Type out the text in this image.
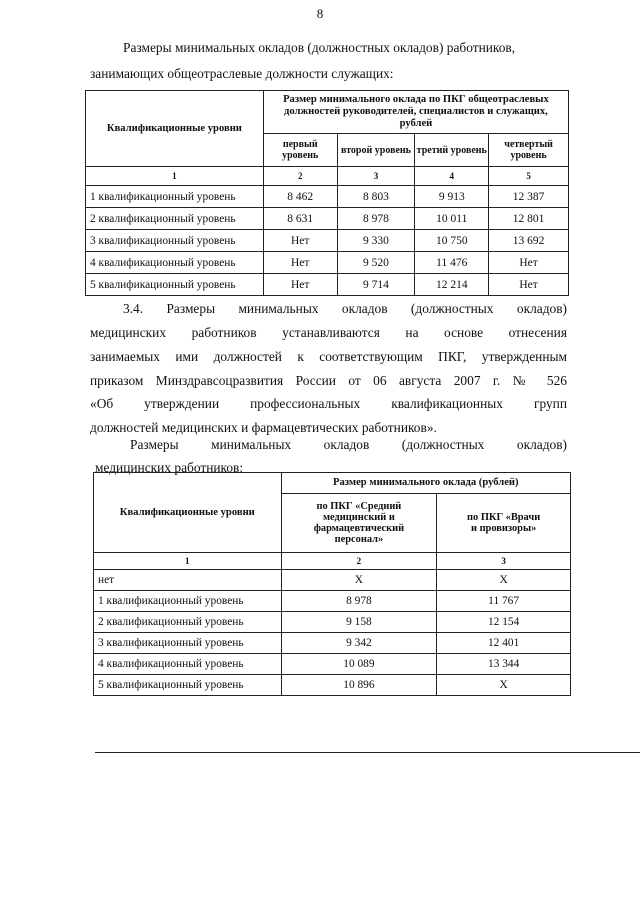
8

Размеры минимальных окладов (должностных окладов) работников,

занимающих общеотраслевые должности служащих:

Квалификационные уровни	Размер минимального оклада по ПКГ общеотраслевых должностей руководителей, специалистов и служащих, рублей			
	первый уровень	второй уровень	третий уровень	четвертый уровень
1	2	3	4	5
1 квалификационный уровень	8 462	8 803	9 913	12 387
2 квалификационный уровень	8 631	8 978	10 011	12 801
3 квалификационный уровень	Нет	9 330	10 750	13 692
4 квалификационный уровень	Нет	9 520	11 476	Нет
5 квалификационный уровень	Нет	9 714	12 214	Нет

3.4. Размеры минимальных окладов (должностных окладов)

медицинских работников устанавливаются на основе отнесения

занимаемых ими должностей к соответствующим ПКГ, утвержденным

приказом Минздравсоцразвития России от 06 августа 2007 г. № 526

«Об утверждении профессиональных квалификационных групп

должностей медицинских и фармацевтических работников».

Размеры минимальных окладов (должностных окладов)

медицинских работников:

Квалификационные уровни	Размер минимального оклада (рублей)	
	по ПКГ «Средний медицинский и фармацевтический персонал»	по ПКГ «Врачи и провизоры»
1	2	3
нет	Х	Х
1 квалификационный уровень	8 978	11 767
2 квалификационный уровень	9 158	12 154
3 квалификационный уровень	9 342	12 401
4 квалификационный уровень	10 089	13 344
5 квалификационный уровень	10 896	Х
